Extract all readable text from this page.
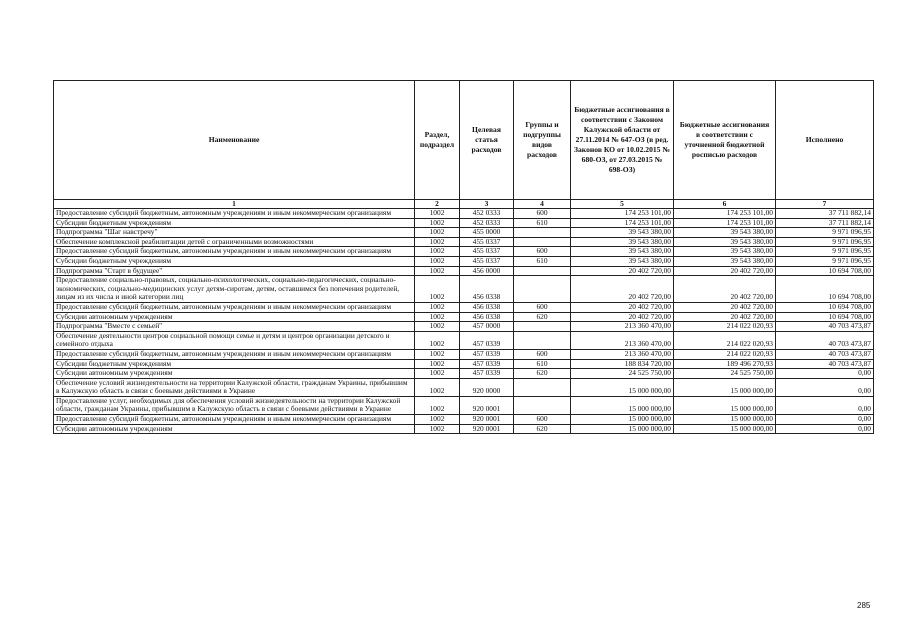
Наименование	Раздел, подраздел	Целевая статья расходов	Группы и подгруппы видов расходов	Бюджетные ассигнования в соответствии с Законом Калужской области от 27.11.2014 № 647-ОЗ (в ред. Законов КО от 10.02.2015 № 680-ОЗ, от 27.03.2015 № 698-ОЗ)	Бюджетные ассигнования в соответствии с уточненной бюджетной росписью расходов	Исполнено
1	2	3	4	5	6	7
Предоставление субсидий бюджетным, автономным учреждениям и иным некоммерческим организациям	1002	452 0333	600	174 253 101,00	174 253 101,00	37 711 882,14
Субсидии бюджетным учреждениям	1002	452 0333	610	174 253 101,00	174 253 101,00	37 711 882,14
Подпрограмма "Шаг навстречу"	1002	455 0000		39 543 380,00	39 543 380,00	9 971 096,95
Обеспечение комплексной реабилитации детей с ограниченными возможностями	1002	455 0337		39 543 380,00	39 543 380,00	9 971 096,95
Предоставление субсидий бюджетным, автономным учреждениям и иным некоммерческим организациям	1002	455 0337	600	39 543 380,00	39 543 380,00	9 971 096,95
Субсидии бюджетным учреждениям	1002	455 0337	610	39 543 380,00	39 543 380,00	9 971 096,95
Подпрограмма "Старт в будущее"	1002	456 0000		20 402 720,00	20 402 720,00	10 694 708,00
Предоставление социально-правовых, социально-психологических, социально-педагогических, социально-экономических, социально-медицинских услуг детям-сиротам, детям, оставшимся без попечения родителей, лицам из их числа и иной категории лиц	1002	456 0338		20 402 720,00	20 402 720,00	10 694 708,00
Предоставление субсидий бюджетным, автономным учреждениям и иным некоммерческим организациям	1002	456 0338	600	20 402 720,00	20 402 720,00	10 694 708,00
Субсидии автономным учреждениям	1002	456 0338	620	20 402 720,00	20 402 720,00	10 694 708,00
Подпрограмма "Вместе с семьей"	1002	457 0000		213 360 470,00	214 022 020,93	40 703 473,87
Обеспечение деятельности центров социальной помощи семье и детям и центров организации детского и семейного отдыха	1002	457 0339		213 360 470,00	214 022 020,93	40 703 473,87
Предоставление субсидий бюджетным, автономным учреждениям и иным некоммерческим организациям	1002	457 0339	600	213 360 470,00	214 022 020,93	40 703 473,87
Субсидии бюджетным учреждениям	1002	457 0339	610	188 834 720,00	189 496 270,93	40 703 473,87
Субсидии автономным учреждениям	1002	457 0339	620	24 525 750,00	24 525 750,00	0,00
Обеспечение условий жизнедеятельности на территории Калужской области, гражданам Украины, прибывшим в Калужскую область в связи с боевыми действиями в Украине	1002	920 0000		15 000 000,00	15 000 000,00	0,00
Предоставление услуг, необходимых для обеспечения условий жизнедеятельности на территории Калужской области, гражданам Украины, прибывшим в Калужскую область в связи с боевыми действиями в Украине	1002	920 0001		15 000 000,00	15 000 000,00	0,00
Предоставление субсидий бюджетным, автономным учреждениям и иным некоммерческим организациям	1002	920 0001	600	15 000 000,00	15 000 000,00	0,00
Субсидии автономным учреждениям	1002	920 0001	620	15 000 000,00	15 000 000,00	0,00
285
